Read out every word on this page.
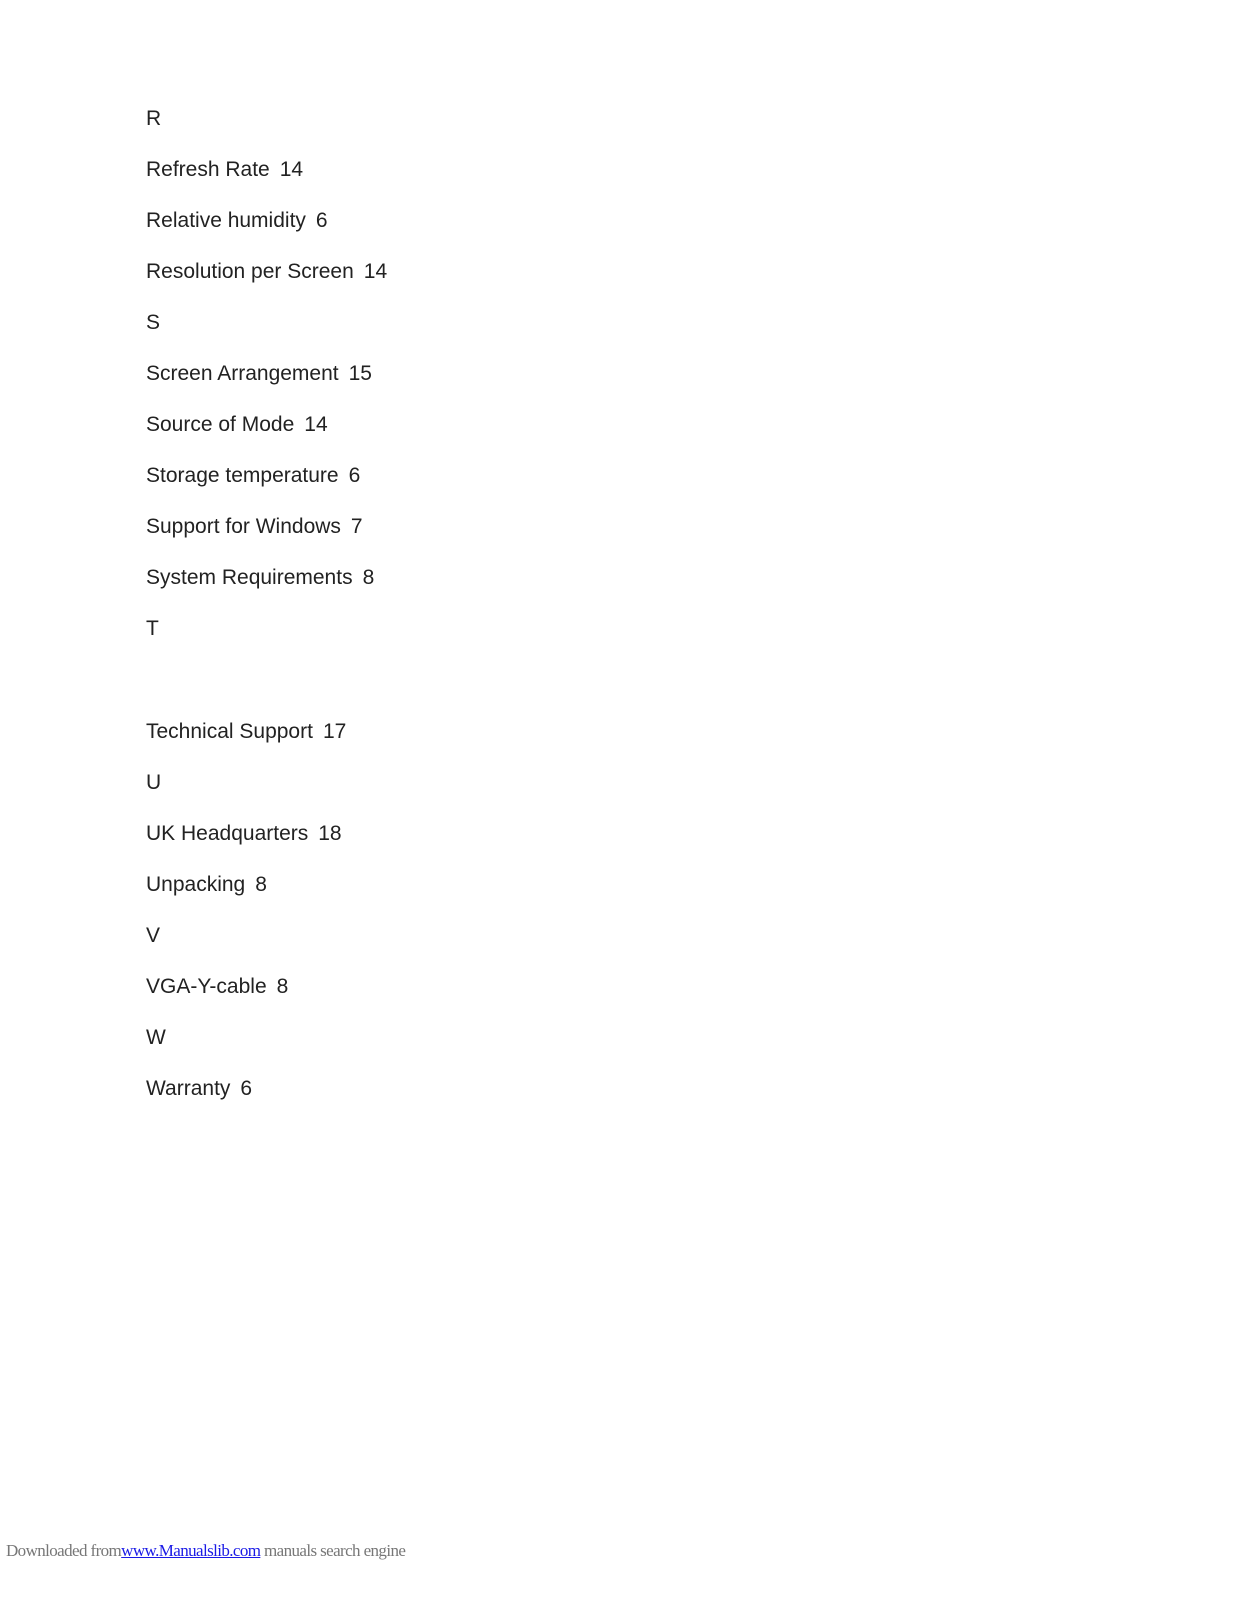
R
Refresh Rate 14
Relative humidity 6
Resolution per Screen 14
S
Screen Arrangement 15
Source of Mode 14
Storage temperature 6
Support for Windows 7
System Requirements 8
T
Technical Support 17
U
UK Headquarters 18
Unpacking 8
V
VGA-Y-cable 8
W
Warranty 6
Downloaded fromwww.Manualslib.com manuals search engine
